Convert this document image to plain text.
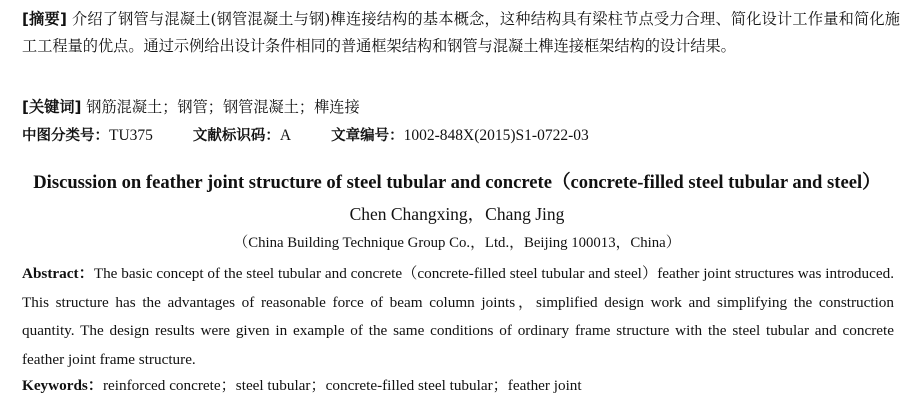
[摘要] 介绍了钢管与混凝土(钢管混凝土与钢)榫连接结构的基本概念，这种结构具有梁柱节点受力合理、简化设计工作量和简化施工工程量的优点。通过示例给出设计条件相同的普通框架结构和钢管与混凝土榫连接框架结构的设计结果。
[关键词] 钢筋混凝土；钢管；钢管混凝土；榫连接
中图分类号：TU375	文献标识码：A	文章编号：1002-848X(2015)S1-0722-03
Discussion on feather joint structure of steel tubular and concrete（concrete-filled steel tubular and steel）
Chen Changxing，Chang Jing
（China Building Technique Group Co.，Ltd.，Beijing 100013，China）
Abstract：The basic concept of the steel tubular and concrete（concrete-filled steel tubular and steel）feather joint structures was introduced. This structure has the advantages of reasonable force of beam column joints，simplified design work and simplifying the construction quantity. The design results were given in example of the same conditions of ordinary frame structure with the steel tubular and concrete feather joint frame structure.
Keywords：reinforced concrete；steel tubular；concrete-filled steel tubular；feather joint
